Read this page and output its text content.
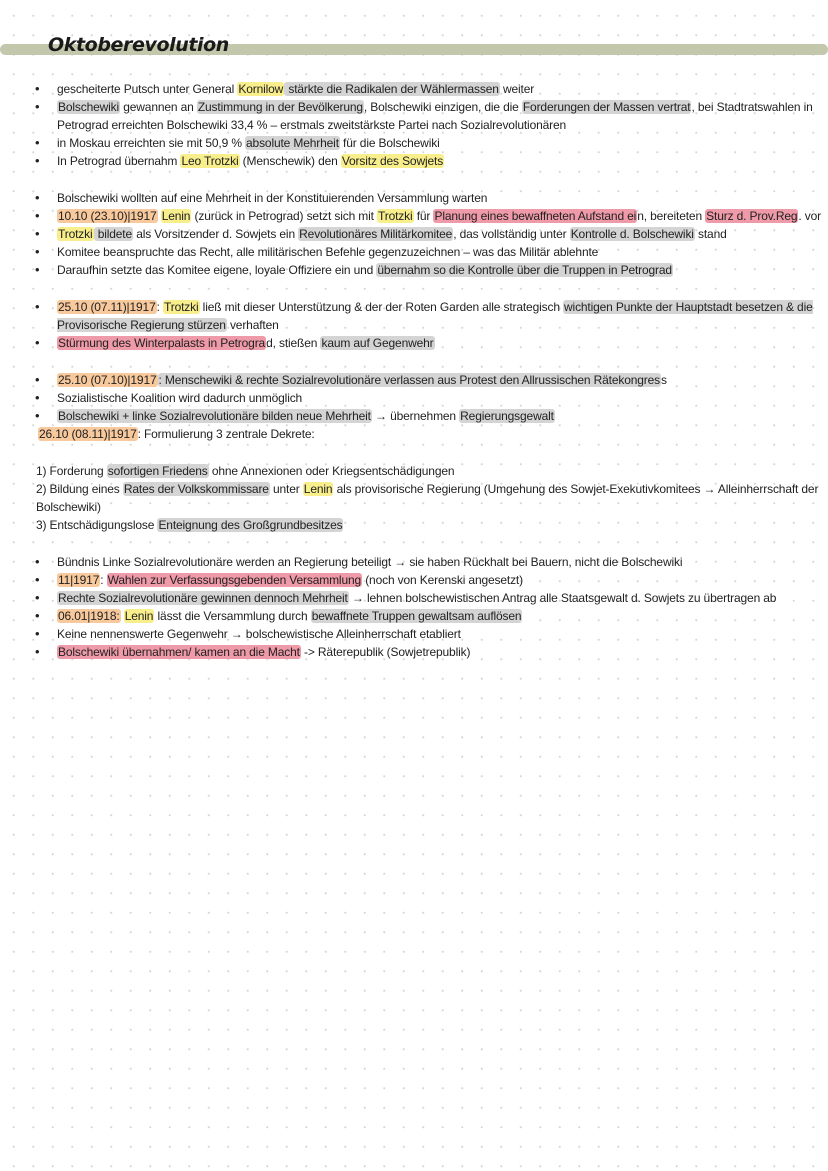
Oktoberevolution
• gescheiterte Putsch unter General Kornilow stärkte die Radikalen der Wählermassen weiter
• Bolschewiki gewannen an Zustimmung in der Bevölkerung, Bolschewiki einzigen, die die Forderungen der Massen vertrat, bei Stadtratswahlen in Petrograd erreichten Bolschewiki 33,4 % – erstmals zweitstärkste Partei nach Sozialrevolutionären
• in Moskau erreichten sie mit 50,9 % absolute Mehrheit für die Bolschewiki
• In Petrograd übernahm Leo Trotzki (Menschewik) den Vorsitz des Sowjets
• Bolschewiki wollten auf eine Mehrheit in der Konstituierenden Versammlung warten
• 10.10 (23.10)|1917 Lenin (zurück in Petrograd) setzt sich mit Trotzki für Planung eines bewaffneten Aufstand ein, bereiteten Sturz d. Prov.Reg. vor
• Trotzki bildete als Vorsitzender d. Sowjets ein Revolutionäres Militärkomitee, das vollständig unter Kontrolle d. Bolschewiki stand
• Komitee beanspruchte das Recht, alle militärischen Befehle gegenzuzeichnen – was das Militär ablehnte
• Daraufhin setzte das Komitee eigene, loyale Offiziere ein und übernahm so die Kontrolle über die Truppen in Petrograd
• 25.10 (07.11)|1917: Trotzki ließ mit dieser Unterstützung & der der Roten Garden alle strategisch wichtigen Punkte der Hauptstadt besetzen & die Provisorische Regierung stürzen verhaften
• Stürmung des Winterpalasts in Petrograd, stießen kaum auf Gegenwehr
• 25.10 (07.10)|1917 : Menschewiki & rechte Sozialrevolutionäre verlassen aus Protest den Allrussischen Rätekongress
• Sozialistische Koalition wird dadurch unmöglich
• Bolschewiki + linke Sozialrevolutionäre bilden neue Mehrheit → übernehmen Regierungsgewalt
26.10 (08.11)|1917: Formulierung 3 zentrale Dekrete:
1) Forderung sofortigen Friedens ohne Annexionen oder Kriegsentschädigungen
2) Bildung eines Rates der Volkskommissare unter Lenin als provisorische Regierung (Umgehung des Sowjet-Exekutivkomitees → Alleinherrschaft der Bolschewiki)
3) Entschädigungslose Enteignung des Großgrundbesitzes
• Bündnis Linke Sozialrevolutionäre werden an Regierung beteiligt → sie haben Rückhalt bei Bauern, nicht die Bolschewiki
• 11|1917: Wahlen zur Verfassungsgebenden Versammlung (noch von Kerenski angesetzt)
• Rechte Sozialrevolutionäre gewinnen dennoch Mehrheit → lehnen bolschewistischen Antrag alle Staatsgewalt d. Sowjets zu übertragen ab
• 06.01|1918: Lenin lässt die Versammlung durch bewaffnete Truppen gewaltsam auflösen
• Keine nennenswerte Gegenwehr → bolschewistische Alleinherrschaft etabliert
• Bolschewiki übernahmen/ kamen an die Macht -> Räterepublik (Sowjetrepublik)
